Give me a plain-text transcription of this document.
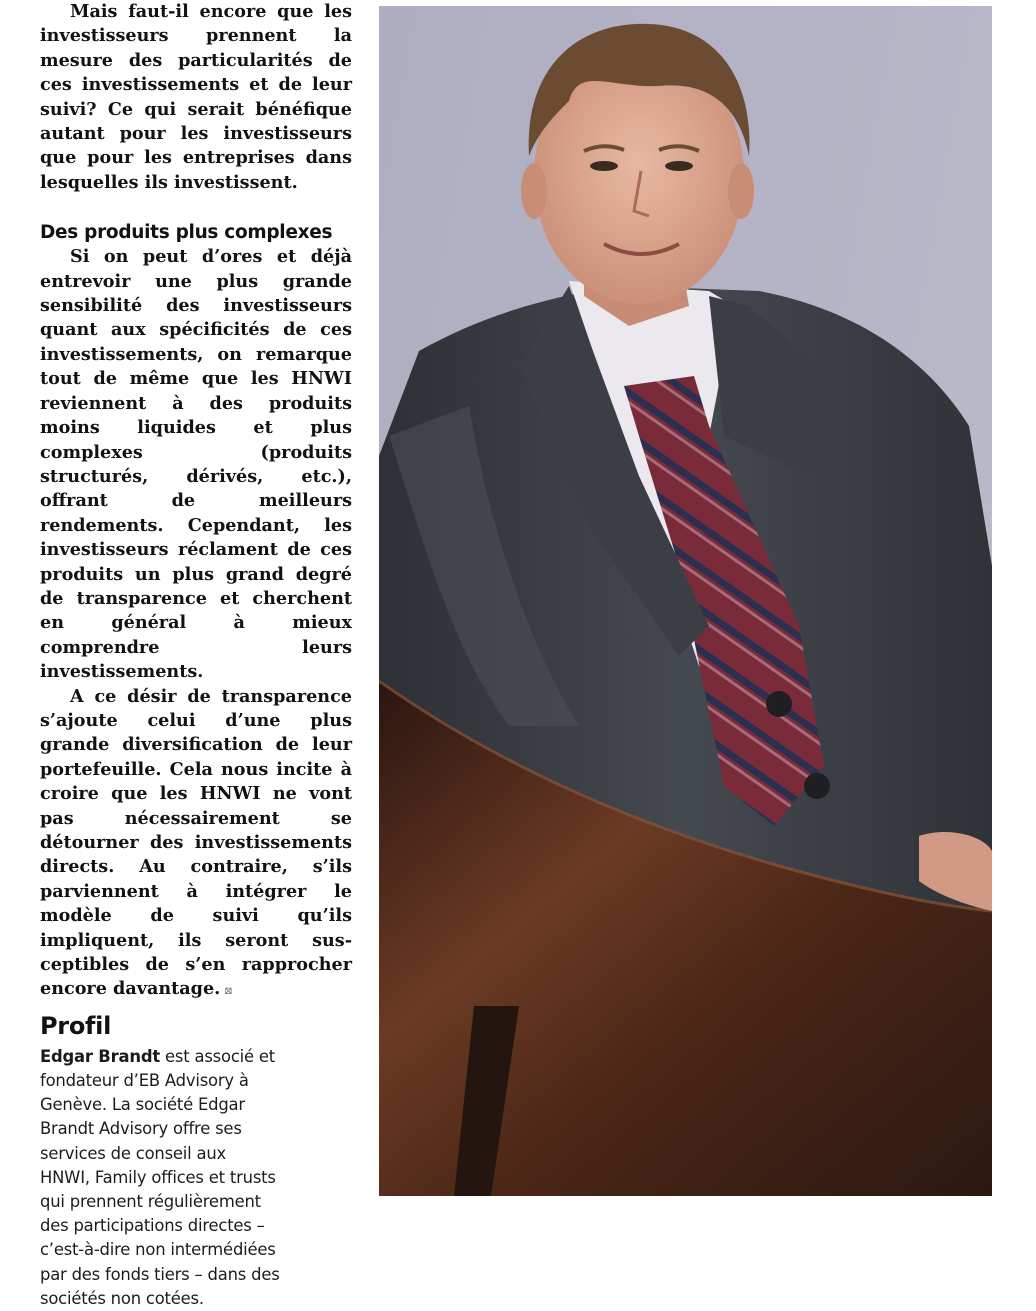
Mais faut-il encore que les investisseurs prennent la mesure des particularités de ces investissements et de leur suivi? Ce qui serait bénéfique autant pour les investisseurs que pour les entreprises dans lesquelles ils investissent.

Des produits plus complexes

Si on peut d’ores et déjà entrevoir une plus grande sensibilité des investisseurs quant aux spécificités de ces investissements, on remarque tout de même que les HNWI reviennent à des produits moins liquides et plus complexes (produits structurés, dérivés, etc.), offrant de meilleurs rendements. Cependant, les investisseurs réclament de ces produits un plus grand degré de transparence et cherchent en général à mieux comprendre leurs investissements.

A ce désir de transparence s’ajoute celui d’une plus grande diversification de leur portefeuille. Cela nous incite à croire que les HNWI ne vont pas nécessairement se détourner des investissements directs. Au contraire, s’ils parviennent à intégrer le modèle de suivi qu’ils impliquent, ils seront susceptibles de s’en rapprocher encore davantage. ⊠

Profil

Edgar Brandt est associé et fondateur d’EB Advisory à Genève. La société Edgar Brandt Advisory offre ses services de conseil aux HNWI, Family offices et trusts qui prennent régulièrement des participations directes – c’est-à-dire non intermédiées par des fonds tiers – dans des sociétés non cotées.
